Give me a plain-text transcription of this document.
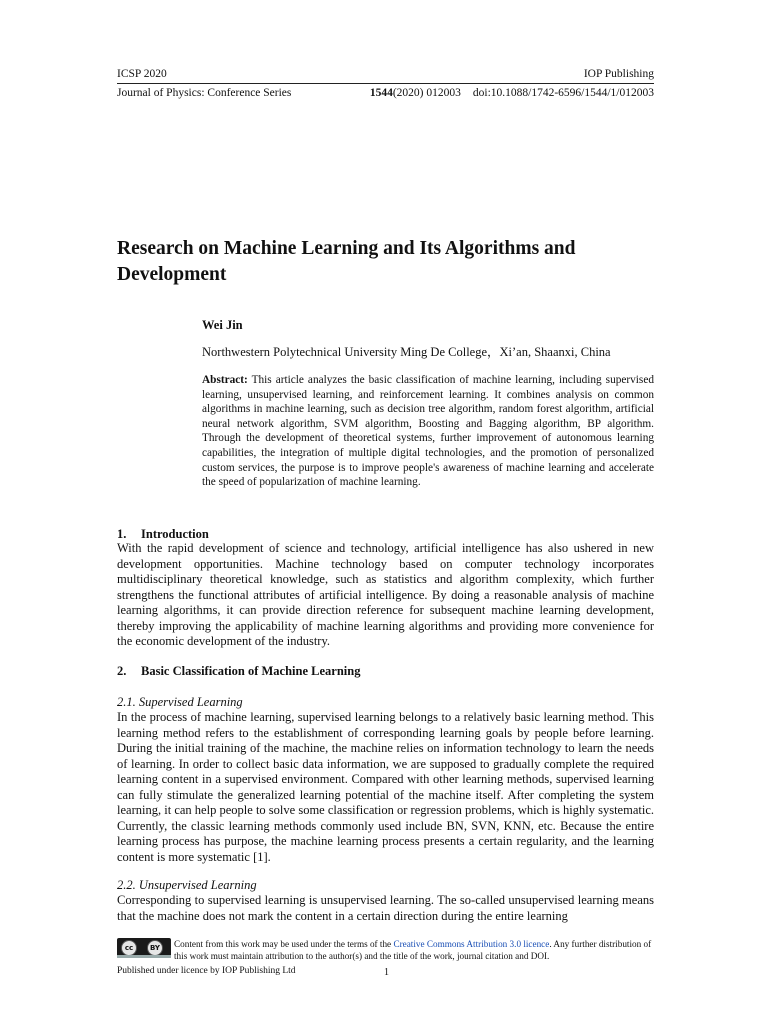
ICSP 2020	IOP Publishing
Journal of Physics: Conference Series	1544(2020) 012003 doi:10.1088/1742-6596/1544/1/012003
Research on Machine Learning and Its Algorithms and Development
Wei Jin
Northwestern Polytechnical University Ming De College，Xi’an, Shaanxi, China

Abstract: This article analyzes the basic classification of machine learning, including supervised learning, unsupervised learning, and reinforcement learning. It combines analysis on common algorithms in machine learning, such as decision tree algorithm, random forest algorithm, artificial neural network algorithm, SVM algorithm, Boosting and Bagging algorithm, BP algorithm. Through the development of theoretical systems, further improvement of autonomous learning capabilities, the integration of multiple digital technologies, and the promotion of personalized custom services, the purpose is to improve people's awareness of machine learning and accelerate the speed of popularization of machine learning.

1. Introduction

With the rapid development of science and technology, artificial intelligence has also ushered in new development opportunities. Machine technology based on computer technology incorporates multidisciplinary theoretical knowledge, such as statistics and algorithm complexity, which further strengthens the functional attributes of artificial intelligence. By doing a reasonable analysis of machine learning algorithms, it can provide direction reference for subsequent machine learning development, thereby improving the applicability of machine learning algorithms and providing more convenience for the economic development of the industry.

2. Basic Classification of Machine Learning
2.1. Supervised Learning

In the process of machine learning, supervised learning belongs to a relatively basic learning method. This learning method refers to the establishment of corresponding learning goals by people before learning. During the initial training of the machine, the machine relies on information technology to learn the needs of learning. In order to collect basic data information, we are supposed to gradually complete the required learning content in a supervised environment. Compared with other learning methods, supervised learning can fully stimulate the generalized learning potential of the machine itself. After completing the system learning, it can help people to solve some classification or regression problems, which is highly systematic. Currently, the classic learning methods commonly used include BN, SVN, KNN, etc. Because the entire learning process has purpose, the machine learning process presents a certain regularity, and the learning content is more systematic [1].

2.2. Unsupervised Learning

Corresponding to supervised learning is unsupervised learning. The so-called unsupervised learning means that the machine does not mark the content in a certain direction during the entire learning

cc	BY	Content from this work may be used under the terms of the Creative Commons Attribution 3.0 licence. Any further distribution of this work must maintain attribution to the author(s) and the title of the work, journal citation and DOI.

Published under licence by IOP Publishing Ltd	1
